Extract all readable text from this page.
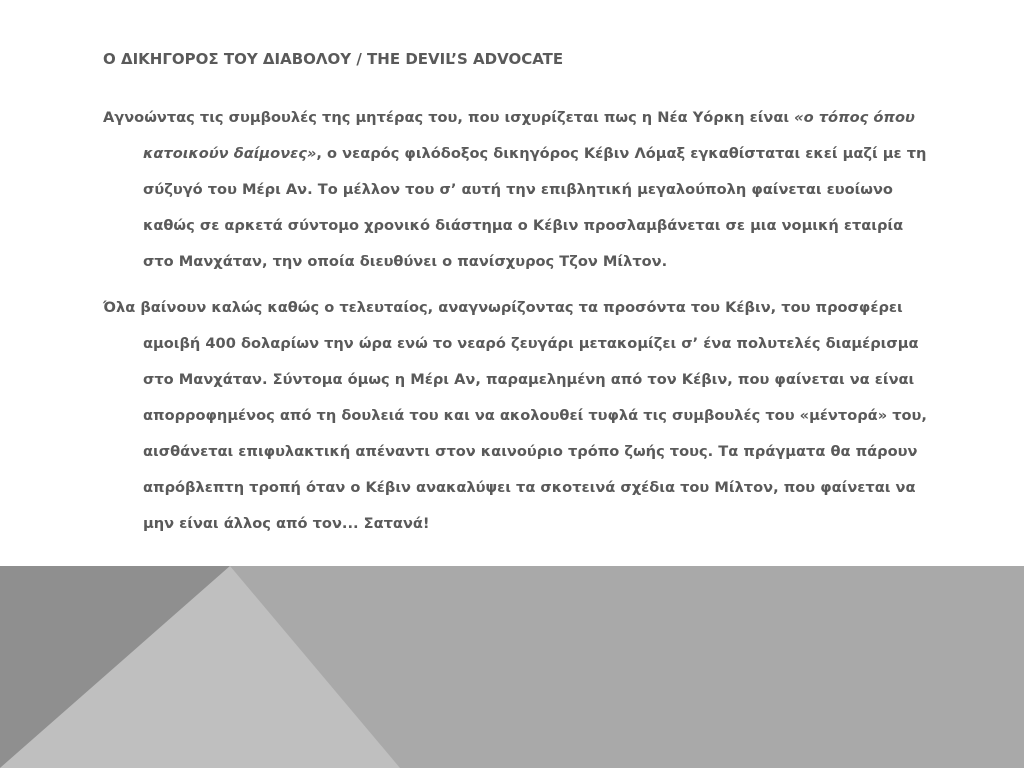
Ο ΔΙΚΗΓΟΡΟΣ ΤΟΥ ΔΙΑΒΟΛΟΥ / THE DEVIL’S ADVOCATE

Αγνοώντας τις συμβουλές της μητέρας του, που ισχυρίζεται πως η Νέα Υόρκη είναι «ο τόπος όπου κατοικούν δαίμονες», ο νεαρός φιλόδοξος δικηγόρος Κέβιν Λόμαξ εγκαθίσταται εκεί μαζί με τη σύζυγό του Μέρι Αν. Το μέλλον του σ’ αυτή την επιβλητική μεγαλούπολη φαίνεται ευοίωνο καθώς σε αρκετά σύντομο χρονικό διάστημα ο Κέβιν προσλαμβάνεται σε μια νομική εταιρία στο Μανχάταν, την οποία διευθύνει ο πανίσχυρος Τζον Μίλτον.

Όλα βαίνουν καλώς καθώς ο τελευταίος, αναγνωρίζοντας τα προσόντα του Κέβιν, του προσφέρει αμοιβή 400 δολαρίων την ώρα ενώ το νεαρό ζευγάρι μετακομίζει σ’ ένα πολυτελές διαμέρισμα στο Μανχάταν. Σύντομα όμως η Μέρι Αν, παραμελημένη από τον Κέβιν, που φαίνεται να είναι απορροφημένος από τη δουλειά του και να ακολουθεί τυφλά τις συμβουλές του «μέντορά» του, αισθάνεται επιφυλακτική απέναντι στον καινούριο τρόπο ζωής τους. Τα πράγματα θα πάρουν απρόβλεπτη τροπή όταν ο Κέβιν ανακαλύψει τα σκοτεινά σχέδια του Μίλτον, που φαίνεται να μην είναι άλλος από τον... Σατανά!
